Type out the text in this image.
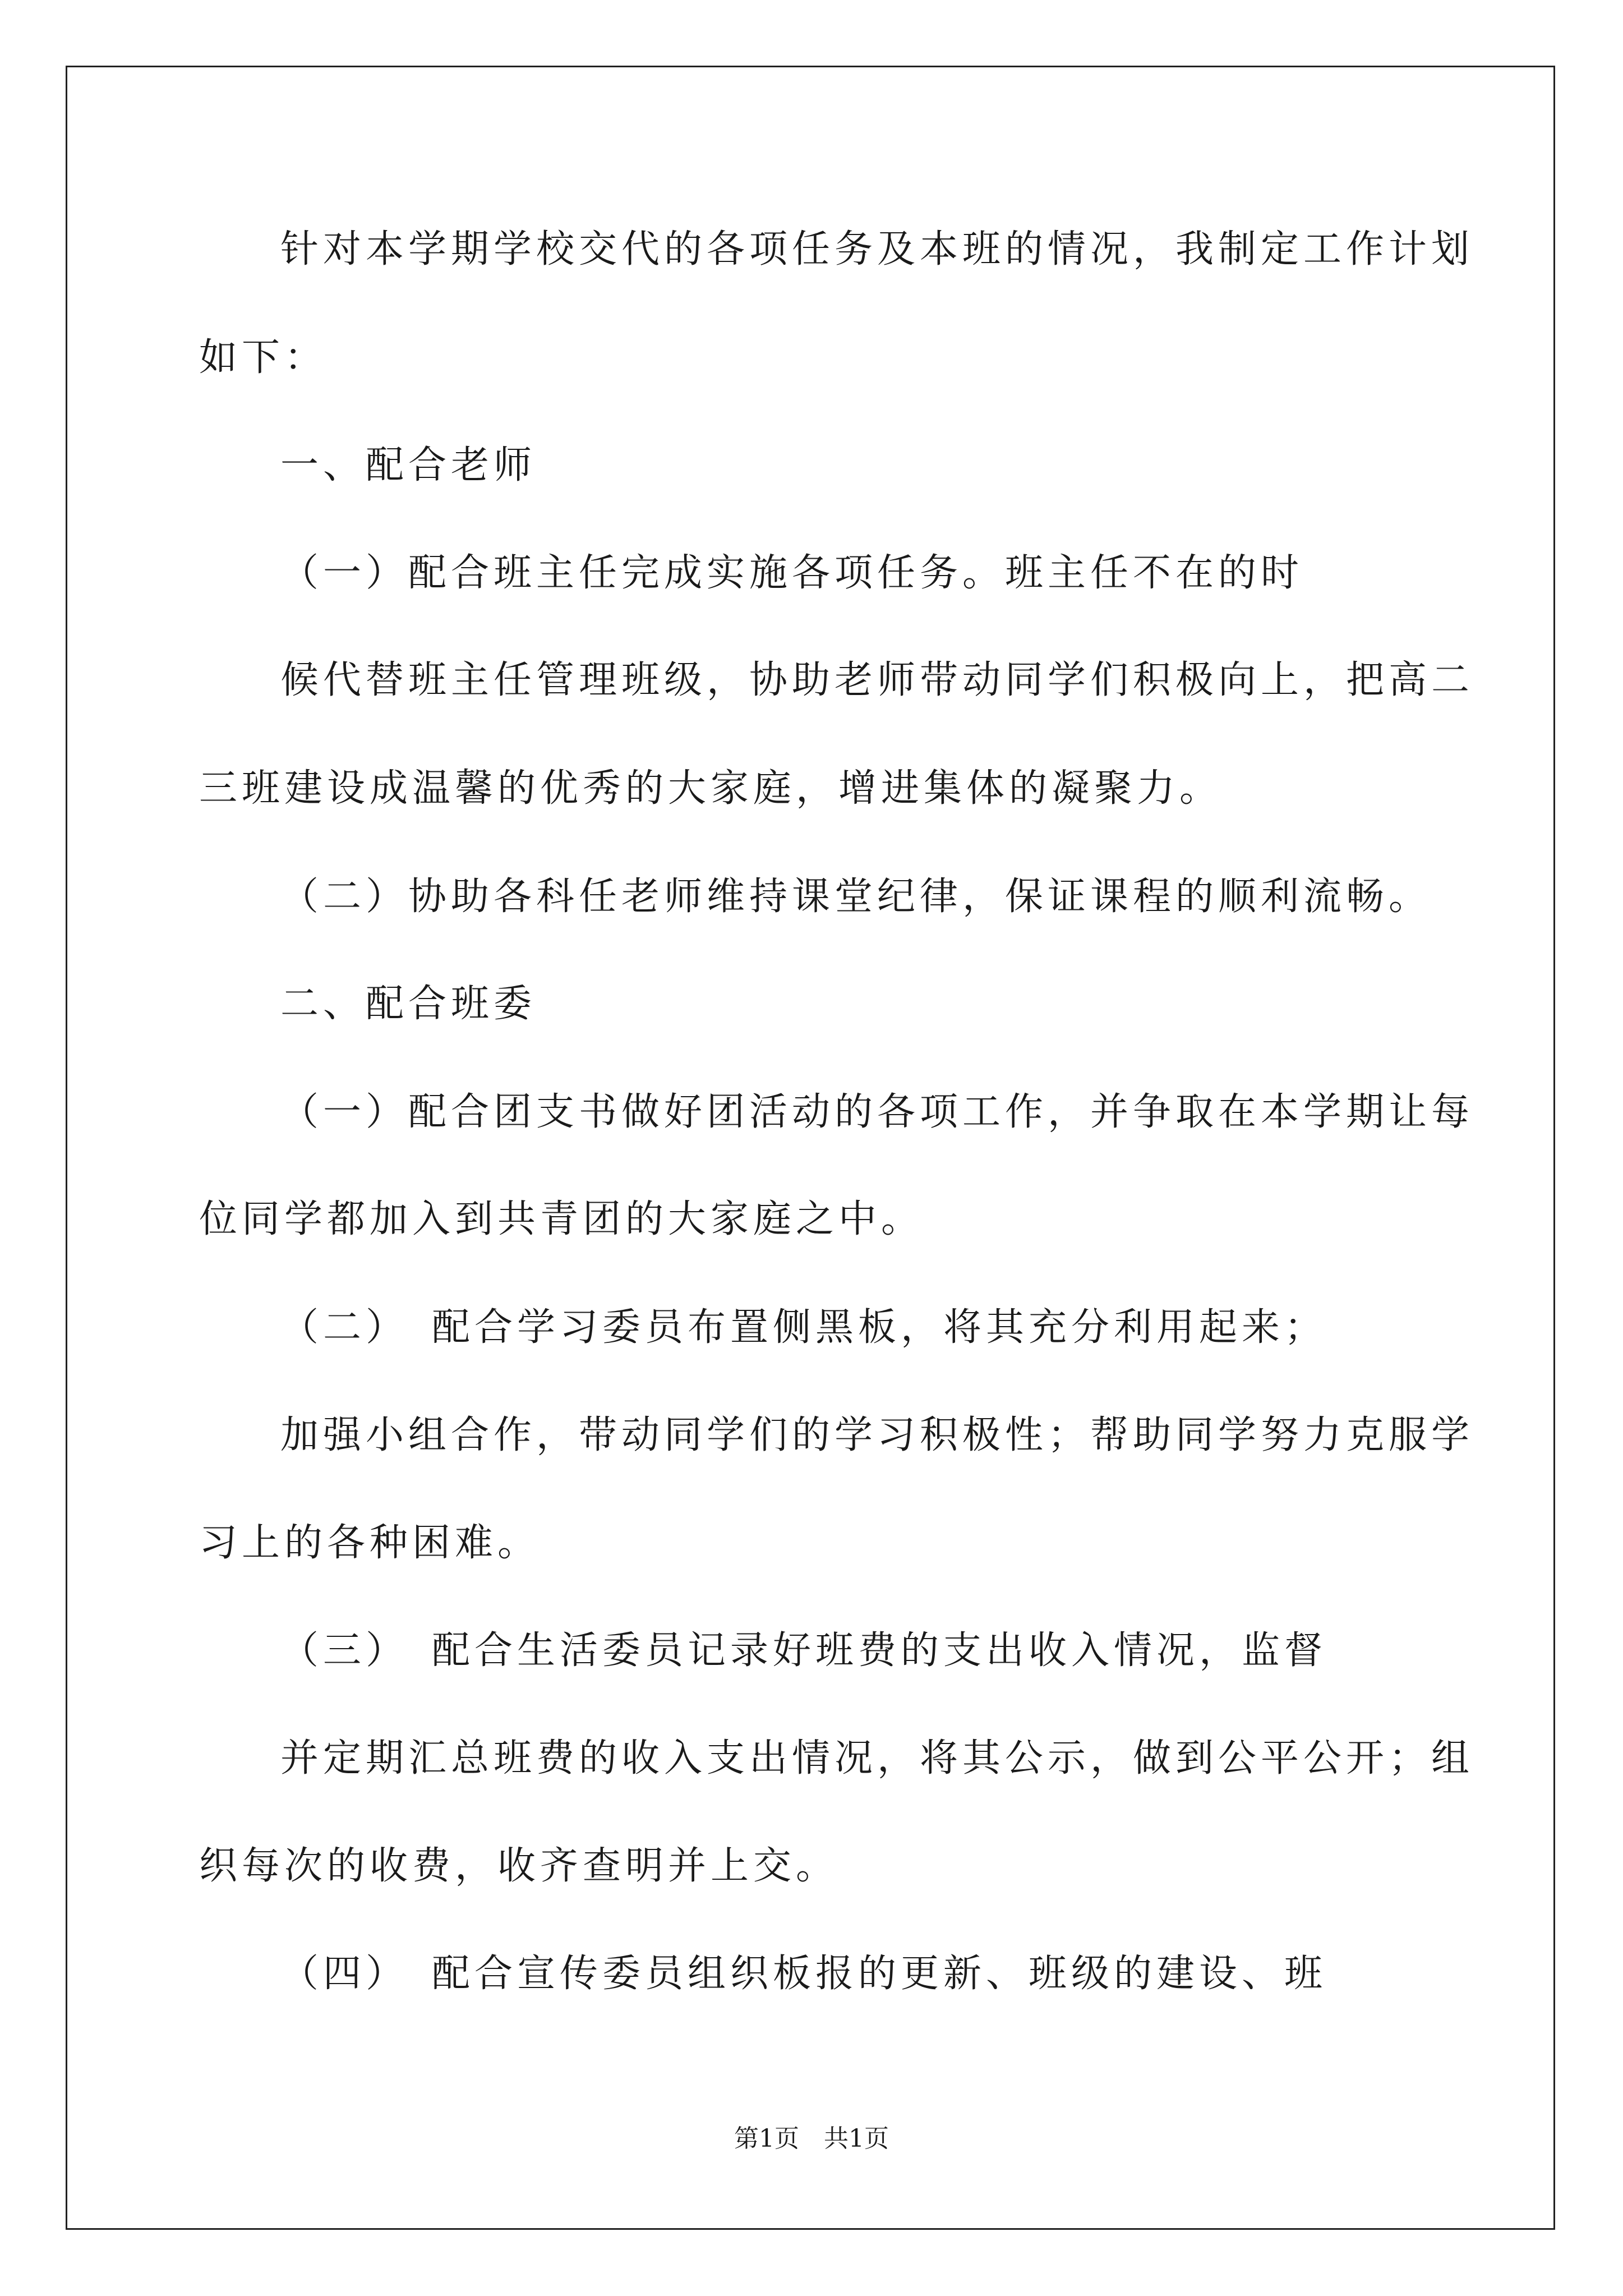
针对本学期学校交代的各项任务及本班的情况，我制定工作计划
如下：
一、配合老师
（一）配合班主任完成实施各项任务。班主任不在的时
候代替班主任管理班级，协助老师带动同学们积极向上，把高二
三班建设成温馨的优秀的大家庭，增进集体的凝聚力。
（二）协助各科任老师维持课堂纪律，保证课程的顺利流畅。
二、配合班委
（一）配合团支书做好团活动的各项工作，并争取在本学期让每
位同学都加入到共青团的大家庭之中。
（二）　配合学习委员布置侧黑板，将其充分利用起来；
加强小组合作，带动同学们的学习积极性；帮助同学努力克服学
习上的各种困难。
（三）　配合生活委员记录好班费的支出收入情况，监督
并定期汇总班费的收入支出情况，将其公示，做到公平公开；组
织每次的收费，收齐查明并上交。
（四）　配合宣传委员组织板报的更新、班级的建设、班
第1页　共1页
